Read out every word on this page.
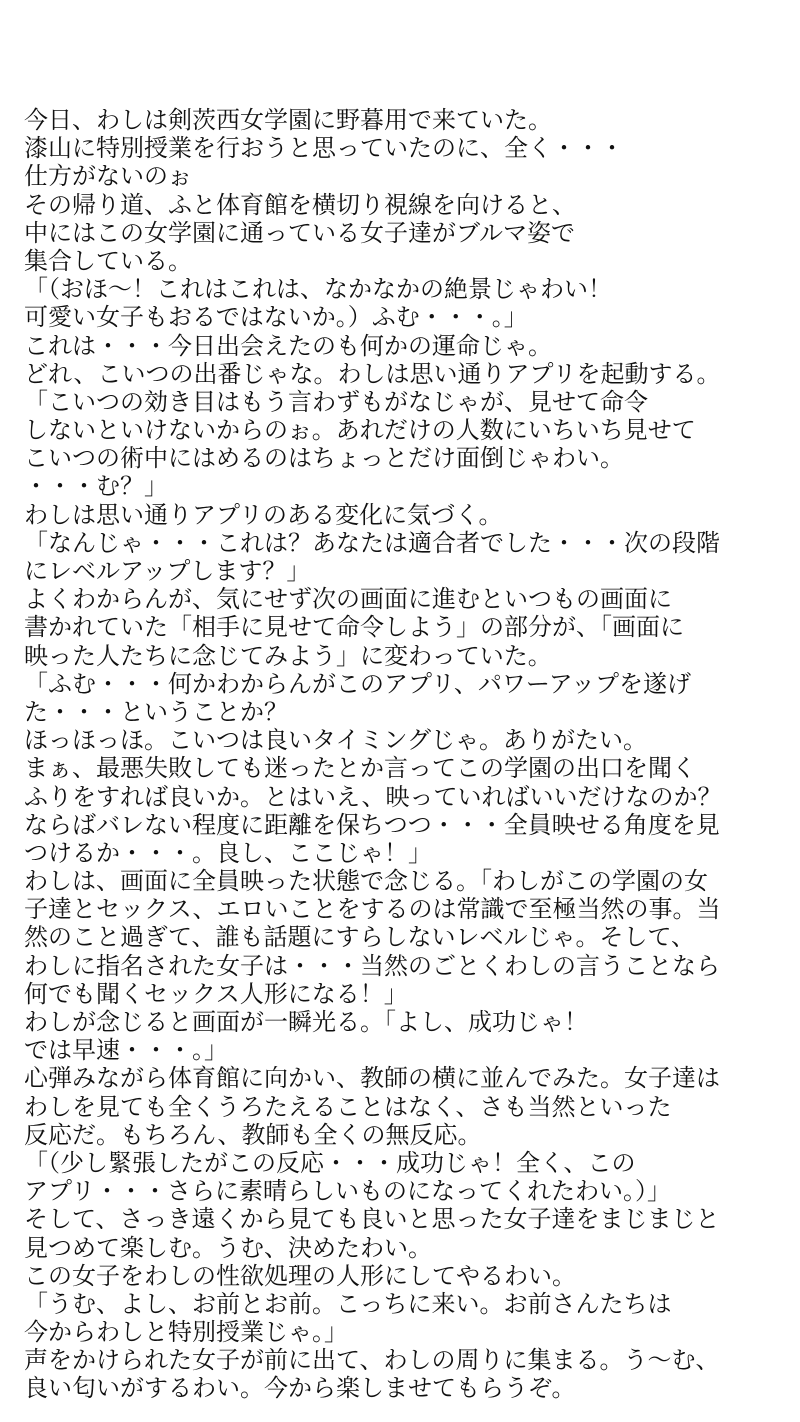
今日、わしは剣茨西女学園に野暮用で来ていた。
漆山に特別授業を行おうと思っていたのに、全く・・・
仕方がないのぉ
その帰り道、ふと体育館を横切り視線を向けると、
中にはこの女学園に通っている女子達がブルマ姿で
集合している。
「（おほ～！これはこれは、なかなかの絶景じゃわい！
可愛い女子もおるではないか。）ふむ・・・。」
これは・・・今日出会えたのも何かの運命じゃ。
どれ、こいつの出番じゃな。わしは思い通りアプリを起動する。
「こいつの効き目はもう言わずもがなじゃが、見せて命令
しないといけないからのぉ。あれだけの人数にいちいち見せて
こいつの術中にはめるのはちょっとだけ面倒じゃわい。
・・・む？」
わしは思い通りアプリのある変化に気づく。
「なんじゃ・・・これは？あなたは適合者でした・・・次の段階
にレベルアップします？」
よくわからんが、気にせず次の画面に進むといつもの画面に
書かれていた「相手に見せて命令しよう」の部分が、「画面に
映った人たちに念じてみよう」に変わっていた。
「ふむ・・・何かわからんがこのアプリ、パワーアップを遂げ
た・・・ということか？
ほっほっほ。こいつは良いタイミングじゃ。ありがたい。
まぁ、最悪失敗しても迷ったとか言ってこの学園の出口を聞く
ふりをすれば良いか。とはいえ、映っていればいいだけなのか？
ならばバレない程度に距離を保ちつつ・・・全員映せる角度を見
つけるか・・・。良し、ここじゃ！」
わしは、画面に全員映った状態で念じる。「わしがこの学園の女
子達とセックス、エロいことをするのは常識で至極当然の事。当
然のこと過ぎて、誰も話題にすらしないレベルじゃ。そして、
わしに指名された女子は・・・当然のごとくわしの言うことなら
何でも聞くセックス人形になる！」
わしが念じると画面が一瞬光る。「よし、成功じゃ！
では早速・・・。」
心弾みながら体育館に向かい、教師の横に並んでみた。女子達は
わしを見ても全くうろたえることはなく、さも当然といった
反応だ。もちろん、教師も全くの無反応。
「（少し緊張したがこの反応・・・成功じゃ！全く、この
アプリ・・・さらに素晴らしいものになってくれたわい。）」
そして、さっき遠くから見ても良いと思った女子達をまじまじと
見つめて楽しむ。うむ、決めたわい。
この女子をわしの性欲処理の人形にしてやるわい。
「うむ、よし、お前とお前。こっちに来い。お前さんたちは
今からわしと特別授業じゃ。」
声をかけられた女子が前に出て、わしの周りに集まる。う～む、
良い匂いがするわい。今から楽しませてもらうぞ。
